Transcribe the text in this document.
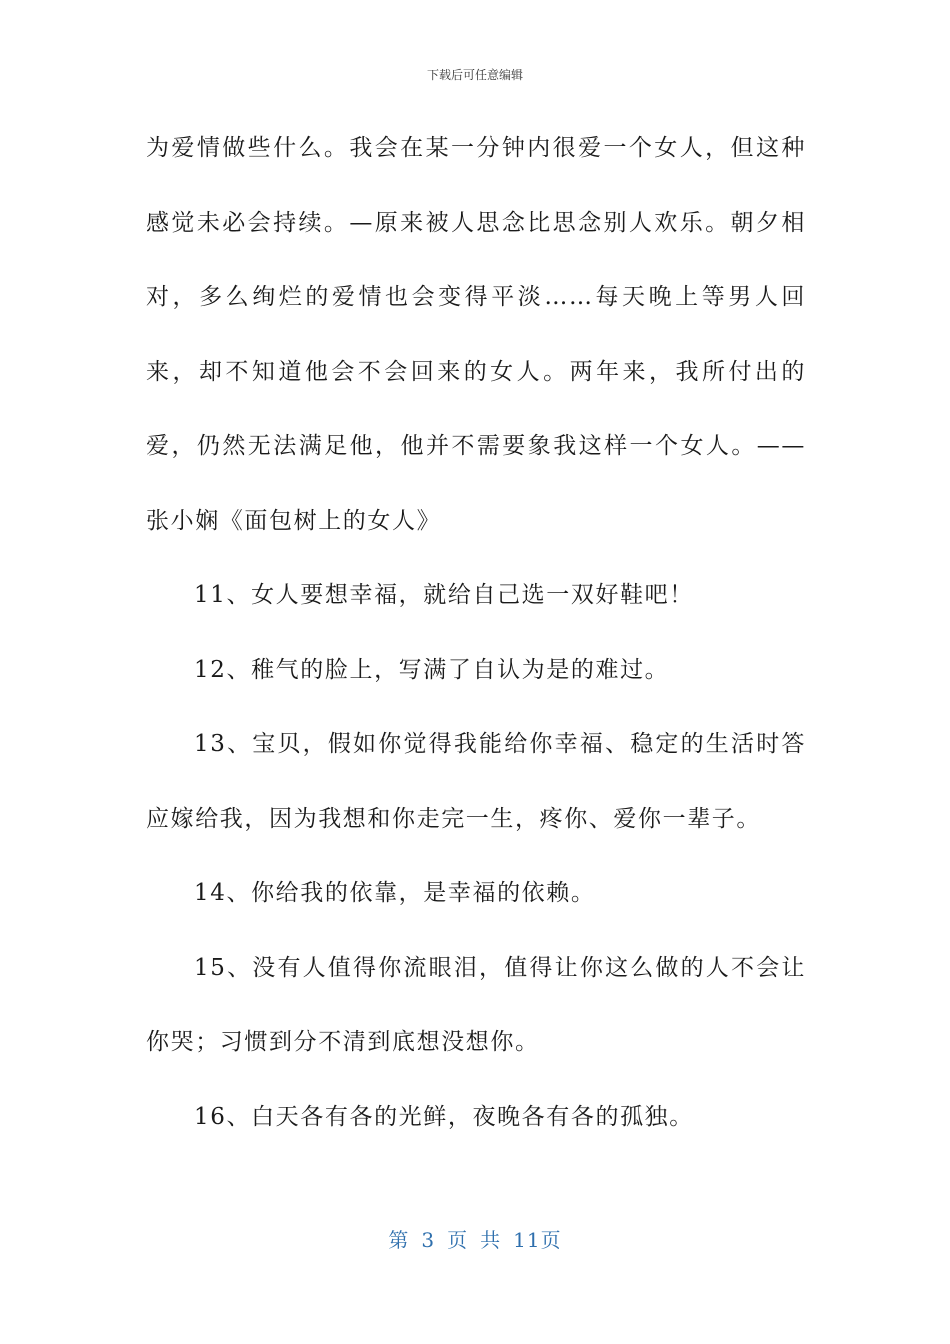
下载后可任意编辑

为爱情做些什么。我会在某一分钟内很爱一个女人，但这种感觉未必会持续。—原来被人思念比思念别人欢乐。朝夕相对，多么绚烂的爱情也会变得平淡……每天晚上等男人回来，却不知道他会不会回来的女人。两年来，我所付出的爱，仍然无法满足他，他并不需要象我这样一个女人。——张小娴《面包树上的女人》

11、女人要想幸福，就给自己选一双好鞋吧！

12、稚气的脸上，写满了自认为是的难过。

13、宝贝，假如你觉得我能给你幸福、稳定的生活时答应嫁给我，因为我想和你走完一生，疼你、爱你一辈子。

14、你给我的依靠，是幸福的依赖。

15、没有人值得你流眼泪，值得让你这么做的人不会让你哭；习惯到分不清到底想没想你。

16、白天各有各的光鲜，夜晚各有各的孤独。

第 3 页 共 11页
